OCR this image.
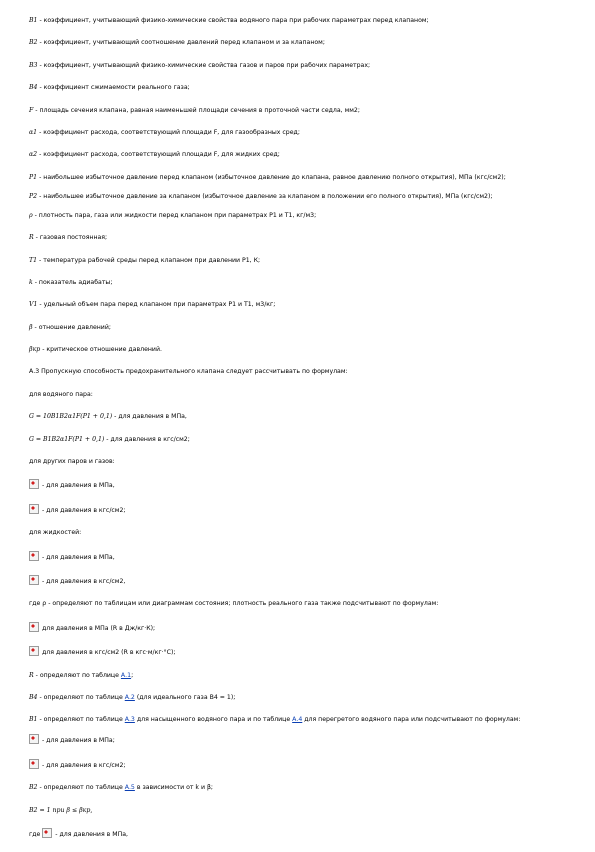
B1 - коэффициент, учитывающий физико-химические свойства водяного пара при рабочих параметрах перед клапаном;

B2 - коэффициент, учитывающий соотношение давлений перед клапаном и за клапаном;

B3 - коэффициент, учитывающий физико-химические свойства газов и паров при рабочих параметрах;

B4 - коэффициент сжимаемости реального газа;

F - площадь сечения клапана, равная наименьшей площади сечения в проточной части седла, мм2;

α1 - коэффициент расхода, соответствующий площади F, для газообразных сред;

α2 - коэффициент расхода, соответствующий площади F, для жидких сред;

P1 - наибольшее избыточное давление перед клапаном (избыточное давление до клапана, равное давлению полного открытия), МПа (кгс/см2);

P2 - наибольшее избыточное давление за клапаном (избыточное давление за клапаном в положении его полного открытия), МПа (кгс/см2);

ρ - плотность пара, газа или жидкости перед клапаном при параметрах P1 и T1, кг/м3;

R - газовая постоянная;

T1 - температура рабочей среды перед клапаном при давлении P1, К;

k - показатель адиабаты;

V1 - удельный объем пара перед клапаном при параметрах P1 и T1, м3/кг;

β - отношение давлений;

βкр - критическое отношение давлений.

А.3 Пропускную способность предохранительного клапана следует рассчитывать по формулам:

для водяного пара:

G = 10B1B2α1F(P1 + 0,1) - для давления в МПа,

G = B1B2α1F(P1 + 0,1) - для давления в кгс/см2;

для других паров и газов:

- для давления в МПа,

- для давления в кгс/см2;

для жидкостей:

- для давления в МПа,

- для давления в кгс/см2,

где ρ - определяют по таблицам или диаграммам состояния; плотность реального газа также подсчитывают по формулам:

для давления в МПа (R в Дж/кг·К);

для давления в кгс/см2 (R в кгс·м/кг·°С);

R - определяют по таблице А.1;

B4 - определяют по таблице А.2 (для идеального газа B4 = 1);

B1 - определяют по таблице А.3 для насыщенного водяного пара и по таблице А.4 для перегретого водяного пара или подсчитывают по формулам:

- для давления в МПа;

- для давления в кгс/см2;

B2 - определяют по таблице А.5 в зависимости от k и β;

B2 = 1 при β ≤ βкр,

где  - для давления в МПа,
